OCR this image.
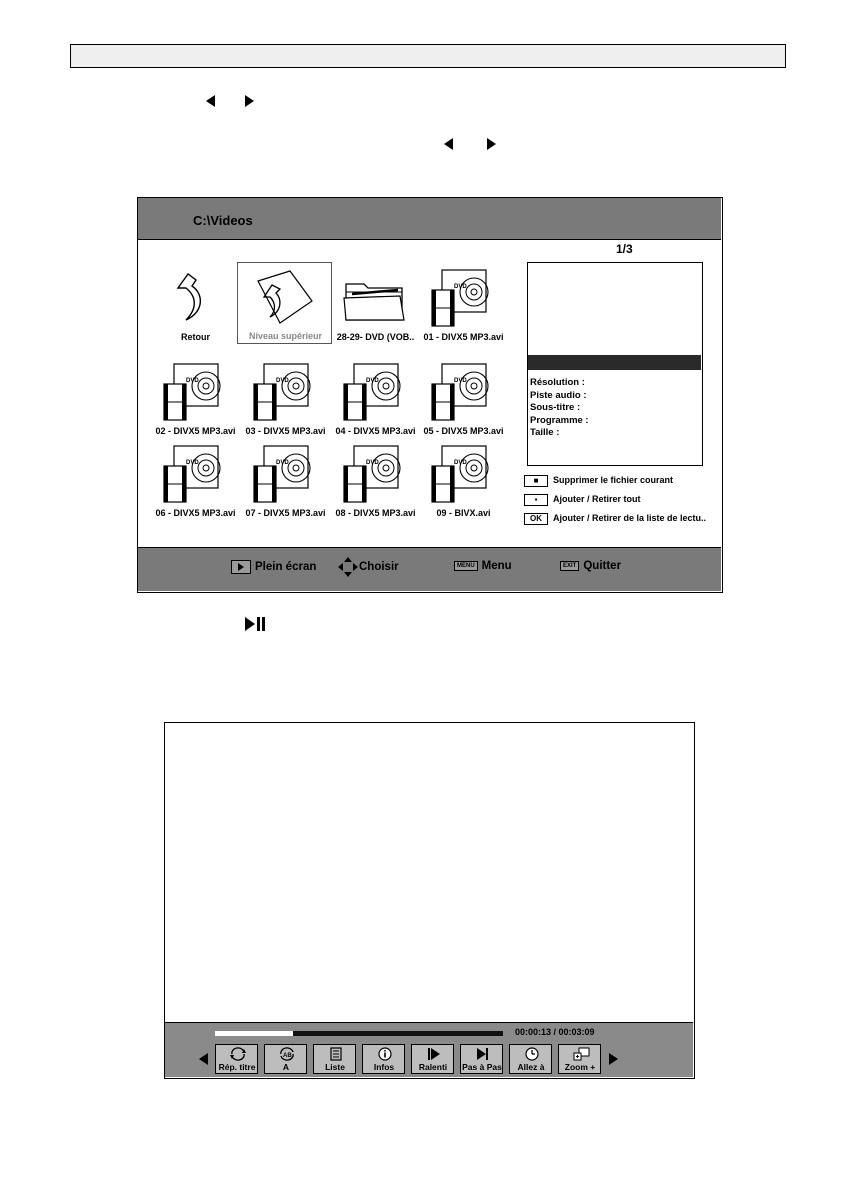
C:\Videos
1/3
Retour	Niveau supérieur	28-29- DVD (VOB..
DVD
01 - DIVX5 MP3.avi
DVD
02 - DIVX5 MP3.avi
DVD
03 - DIVX5 MP3.avi
DVD
04 - DIVX5 MP3.avi
DVD
05 - DIVX5 MP3.avi
DVD
06 - DIVX5 MP3.avi
DVD
07 - DIVX5 MP3.avi
DVD
08 - DIVX5 MP3.avi
DVD
09 - BIVX.avi
Résolution :
Piste audio :
Sous-titre :
Programme :
Taille :
■	Supprimer le fichier courant
▪	Ajouter / Retirer tout
OK	Ajouter / Retirer de la liste de lectu..
Plein écran	Choisir	MENU Menu	EXIT Quitter
00:00:13 / 00:03:09
Rép. titre
AB
A	Liste	Infos	Ralenti	Pas à Pas	Allez à	Zoom +
